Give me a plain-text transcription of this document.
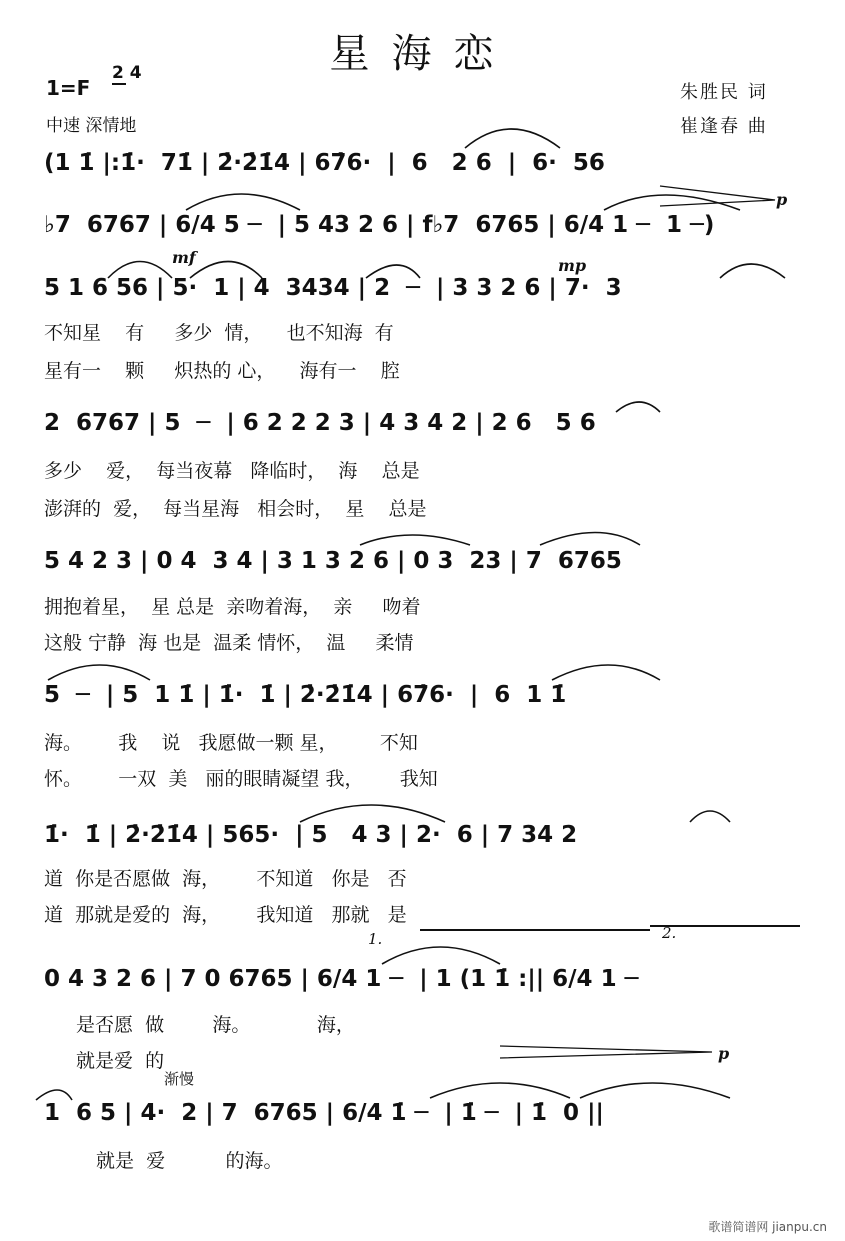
星海恋
1=F
2 4
中速 深情地
朱胜民 词
崔逢春 曲
(1 1̇ |:1̇·  71̇ | 2̇·2̇1̇4 | 67̇6·  |  6   2 6  |  6·  56
♭7  6767 | 6/4 5 ─  | 5 43 2 6 | f♭7  6765 | 6/4 1 ─  1 ─)
p
mf	mp
5 1 6 56 | 5·  1 | 4  3434 | 2  ─  | 3 3 2 6 | 7·  3
不知星    有     多少  情，    也不知海  有
星有一    颗     炽热的 心，    海有一    腔
2  6767 | 5  ─  | 6 2 2 2 3 | 4 3 4 2 | 2 6   5 6
多少    爱，  每当夜幕   降临时，  海    总是
澎湃的  爱，  每当星海   相会时，  星    总是
5 4 2 3 | 0 4  3 4 | 3 1 3 2 6 | 0 3  23 | 7  6765
拥抱着星，  星 总是  亲吻着海，  亲     吻着
这般 宁静  海 也是  温柔 情怀，  温     柔情
5  ─  | 5  1 1̇ | 1̇·  1̇ | 2̇·2̇1̇4 | 67̇6·  |  6  1 1̇
海。      我    说   我愿做一颗 星，       不知
怀。      一双  美   丽的眼睛凝望 我，      我知
1̇·  1̇ | 2̇·2̇1̇4 | 565·  | 5   4 3 | 2·  6 | 7 34 2
道  你是否愿做  海，      不知道   你是   否
道  那就是爱的  海，      我知道   那就   是
1.	2.
0 4 3 2 6 | 7 0 6765 | 6/4 1 ─  | 1 (1 1̇ :|| 6/4 1 ─
是否愿  做        海。           海，
就是爱  的	p
渐慢
1  6 5 | 4·  2 | 7  6765 | 6/4 1̇ ─  | 1̇ ─  | 1̇  0 ||
就是  爱          的海。
歌谱简谱网 jianpu.cn
